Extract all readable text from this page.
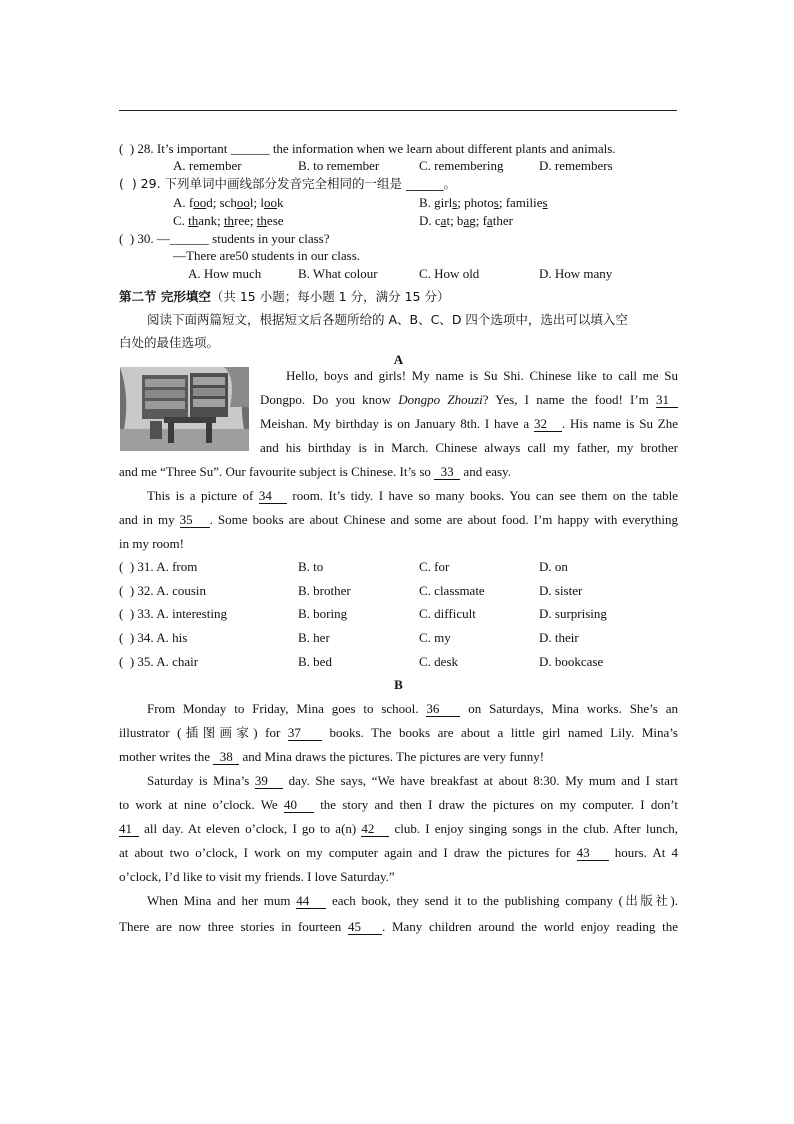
(  ) 28. It’s important ______ the information when we learn about different plants and animals.
A. remember	B. to remember	C. remembering	D. remembers
(  ) 29. 下列单词中画线部分发音完全相同的一组是 ______。
A. food; school; look	B. girls; photos; families
C. thank; three; these	D. cat; bag; father
(  ) 30. —______ students in your class?
—There are50 students in our class.
A. How much	B. What colour	C. How old	D. How many
第二节 完形填空（共 15 小题；每小题 1 分，满分 15 分）
阅读下面两篇短文，根据短文后各题所给的 A、B、C、D 四个选项中，选出可以填入空
白处的最佳选项。
A
Hello, boys and girls! My name is Su Shi. Chinese like to call me Su
Dongpo. Do you know Dongpo Zhouzi? Yes, I name the food! I’m 31
Meishan. My birthday is on January 8th. I have a 32 . His name is Su Zhe
and his birthday is in March. Chinese always call my father, my brother
and me “Three Su”. Our favourite subject is Chinese. It’s so 33 and easy.
This is a picture of 34 room. It’s tidy. I have so many books. You can see them on the table
and in my 35 . Some books are about Chinese and some are about food. I’m happy with everything
in my room!
(  ) 31. A. from	B. to	C. for	D. on
(  ) 32. A. cousin	B. brother	C. classmate	D. sister
(  ) 33. A. interesting	B. boring	C. difficult	D. surprising
(  ) 34. A. his	B. her	C. my	D. their
(  ) 35. A. chair	B. bed	C. desk	D. bookcase
B
From Monday to Friday, Mina goes to school. 36 on Saturdays, Mina works. She’s an
illustrator (插图画家) for 37 books. The books are about a little girl named Lily. Mina’s
mother writes the 38 and Mina draws the pictures. The pictures are very funny!
Saturday is Mina’s 39 day. She says, “We have breakfast at about 8:30. My mum and I start
to work at nine o’clock. We 40 the story and then I draw the pictures on my computer. I don’t
41 all day. At eleven o’clock, I go to a(n) 42 club. I enjoy singing songs in the club. After lunch,
at about two o’clock, I work on my computer again and I draw the pictures for 43 hours. At 4
o’clock, I’d like to visit my friends. I love Saturday.”
When Mina and her mum 44 each book, they send it to the publishing company (出版社).
There are now three stories in fourteen 45 . Many children around the world enjoy reading the
